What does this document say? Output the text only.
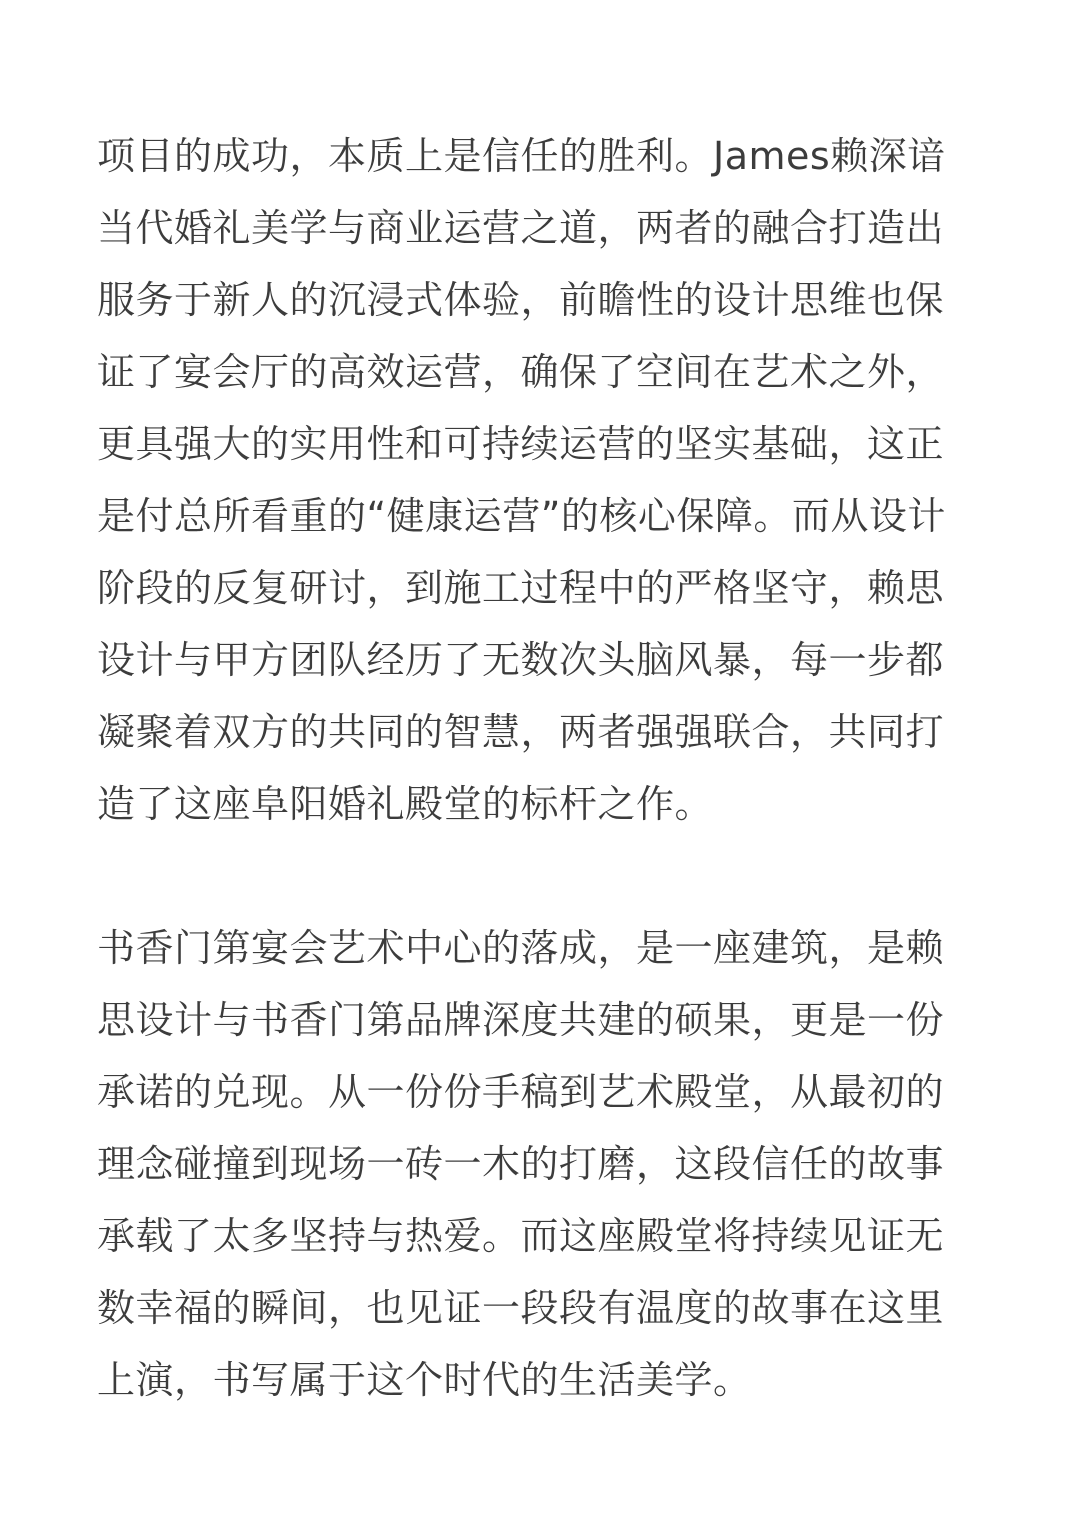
项目的成功，本质上是信任的胜利。James赖深谙
当代婚礼美学与商业运营之道，两者的融合打造出
服务于新人的沉浸式体验，前瞻性的设计思维也保
证了宴会厅的高效运营，确保了空间在艺术之外，
更具强大的实用性和可持续运营的坚实基础，这正
是付总所看重的“健康运营”的核心保障。而从设计
阶段的反复研讨，到施工过程中的严格坚守，赖思
设计与甲方团队经历了无数次头脑风暴，每一步都
凝聚着双方的共同的智慧，两者强强联合，共同打
造了这座阜阳婚礼殿堂的标杆之作。
书香门第宴会艺术中心的落成，是一座建筑，是赖
思设计与书香门第品牌深度共建的硕果，更是一份
承诺的兑现。从一份份手稿到艺术殿堂，从最初的
理念碰撞到现场一砖一木的打磨，这段信任的故事
承载了太多坚持与热爱。而这座殿堂将持续见证无
数幸福的瞬间，也见证一段段有温度的故事在这里
上演，书写属于这个时代的生活美学。
